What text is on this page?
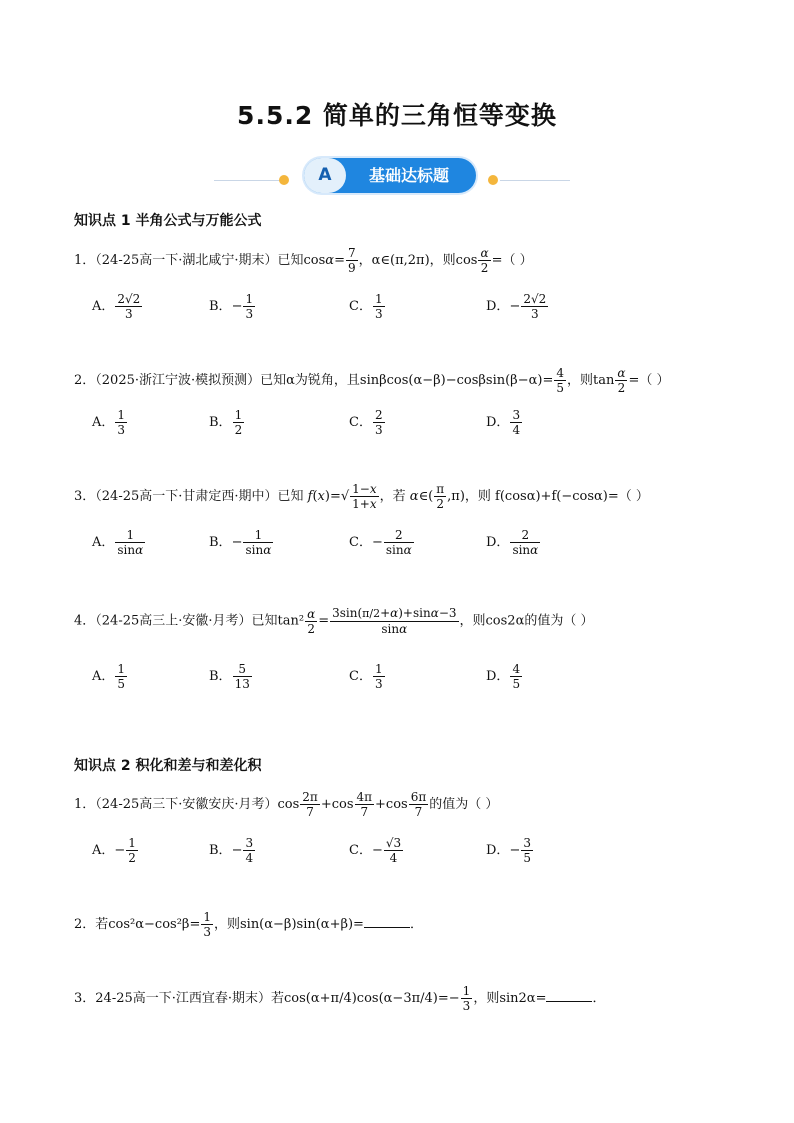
5.5.2 简单的三角恒等变换
A	基础达标题
知识点 1 半角公式与万能公式
1．（24-25高一下·湖北咸宁·期末）已知$\cos\alpha= \frac{7}{9}$ ，α∈(π,2π)，则$\cos \frac{\alpha}{2}$ =（ ）
A． $\frac{2√2}{3}$	B．− $\frac{1}{3}$	C． $\frac{1}{3}$	D．− $\frac{2√2}{3}$
2．（2025·浙江宁波·模拟预测）已知α为锐角，且$\sin\beta\cos(\alpha-\beta)-\cos\beta\sin(\beta-\alpha)= \frac{4}{5}$ ，则$\tan \frac{\alpha}{2}$ =（ ）
A． $\frac{1}{3}$	B． $\frac{1}{2}$	C． $\frac{2}{3}$	D． $\frac{3}{4}$
3．（24-25高一下·甘肃定西·期中）已知 $f(x)=√ \frac{1-x}{1+x}$ ，若 α∈( $\frac{\pi}{2} ,\pi$)，则 f(cosα)+f(−cosα)=（ ）
A． $\frac{1}{\sin\alpha}$	B．− $\frac{1}{\sin\alpha}$	C．− $\frac{2}{\sin\alpha}$	D． $\frac{2}{\sin\alpha}$
4．（24-25高三上·安徽·月考）已知$\tan^2 \frac{\alpha}{2} = \frac{3\sin(\pi/2+\alpha)+\sin\alpha-3}{\sin\alpha}$ ，则cos2α的值为（ ）
A． $\frac{1}{5}$	B． $\frac{5}{13}$	C． $\frac{1}{3}$	D． $\frac{4}{5}$
知识点 2 积化和差与和差化积
1．（24-25高三下·安徽安庆·月考）$\cos \frac{2\pi}{7} +\cos \frac{4\pi}{7} +\cos \frac{6\pi}{7}$ 的值为（ ）
A．− $\frac{1}{2}$	B．− $\frac{3}{4}$	C．− $\frac{√3}{4}$	D．− $\frac{3}{5}$
2．若$\cos^2\alpha-\cos^2\beta= \frac{1}{3}$ ，则sin(α−β)sin(α+β)=	．
3．24-25高一下·江西宜春·期末）若$\cos(\alpha+\pi/4)\cos(\alpha-3\pi/4)=- \frac{1}{3}$ ，则sin2α=	．
